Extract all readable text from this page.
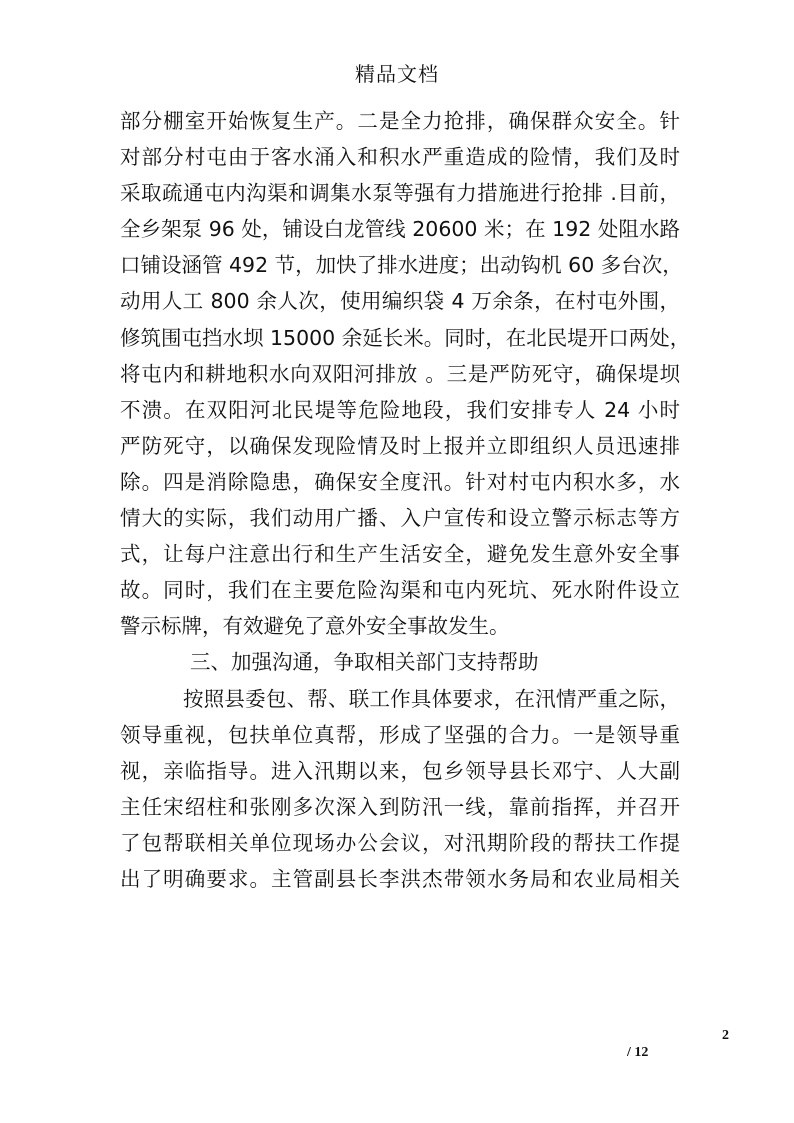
精品文档
部分棚室开始恢复生产。二是全力抢排，确保群众安全。针
对部分村屯由于客水涌入和积水严重造成的险情，我们及时
采取疏通屯内沟渠和调集水泵等强有力措施进行抢排 .目前，
全乡架泵 96 处，铺设白龙管线 20600 米；在 192 处阻水路
口铺设涵管 492 节，加快了排水进度；出动钩机 60 多台次，
动用人工 800 余人次，使用编织袋 4 万余条，在村屯外围，
修筑围屯挡水坝 15000 余延长米。同时，在北民堤开口两处，
将屯内和耕地积水向双阳河排放 。三是严防死守，确保堤坝
不溃。在双阳河北民堤等危险地段，我们安排专人 24 小时
严防死守，以确保发现险情及时上报并立即组织人员迅速排
除。四是消除隐患，确保安全度汛。针对村屯内积水多，水
情大的实际，我们动用广播、入户宣传和设立警示标志等方
式，让每户注意出行和生产生活安全，避免发生意外安全事
故。同时，我们在主要危险沟渠和屯内死坑、死水附件设立
警示标牌，有效避免了意外安全事故发生。
三、加强沟通，争取相关部门支持帮助
按照县委包、帮、联工作具体要求，在汛情严重之际，
领导重视，包扶单位真帮，形成了坚强的合力。一是领导重
视，亲临指导。进入汛期以来，包乡领导县长邓宁、人大副
主任宋绍柱和张刚多次深入到防汛一线，靠前指挥，并召开
了包帮联相关单位现场办公会议，对汛期阶段的帮扶工作提
出了明确要求。主管副县长李洪杰带领水务局和农业局相关
2
/ 12
